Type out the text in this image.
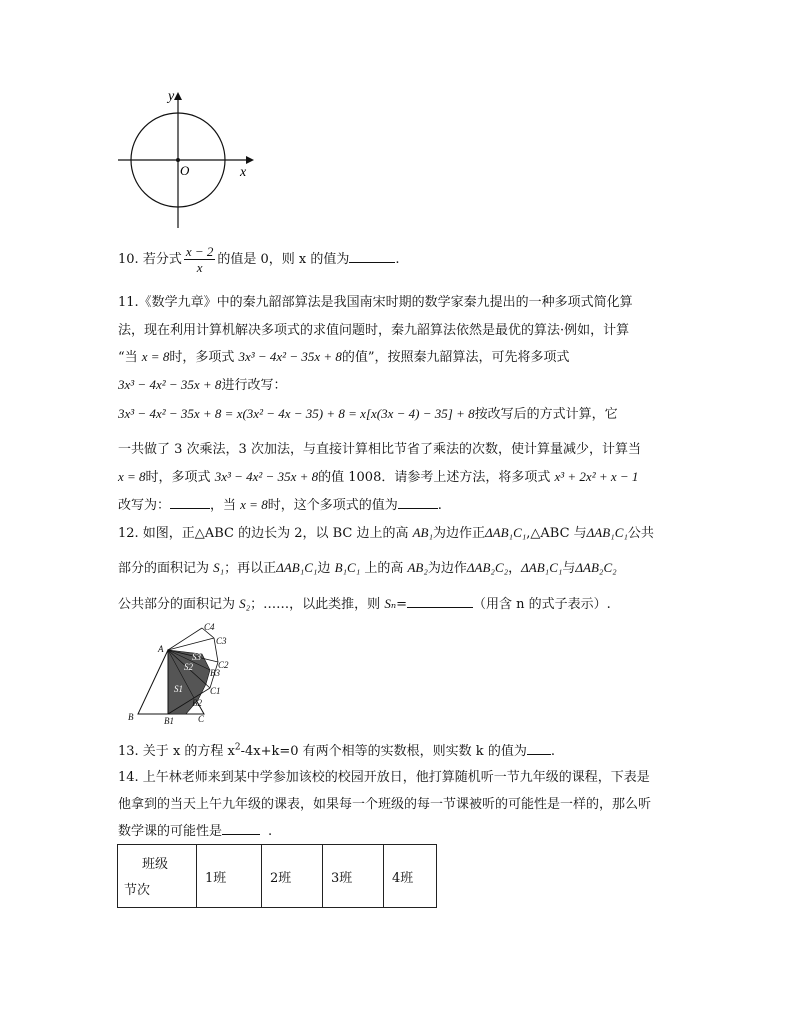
x
y
O
10. 若分式 $\frac{x - 2}{x}$ 的值是 0，则 x 的值为	.
11.《数学九章》中的秦九韶部算法是我国南宋时期的数学家秦九提出的一种多项式简化算
法，现在利用计算机解决多项式的求值问题时，秦九韶算法依然是最优的算法·例如，计算
“当 x = 8时，多项式 3x³ − 4x² − 35x + 8的值”，按照秦九韶算法，可先将多项式
3x³ − 4x² − 35x + 8进行改写：
3x³ − 4x² − 35x + 8 = x(3x² − 4x − 35) + 8 = x[x(3x − 4) − 35] + 8按改写后的方式计算，它
一共做了 3 次乘法，3 次加法，与直接计算相比节省了乘法的次数，使计算量减少，计算当
x = 8时，多项式 3x³ − 4x² − 35x + 8的值 1008．请参考上述方法，将多项式 x³ + 2x² + x − 1
改写为：	，当 x = 8时，这个多项式的值为	.
12. 如图，正△ABC 的边长为 2，以 BC 边上的高 AB₁为边作正ΔAB₁C₁,△ABC 与ΔAB₁C₁公共
部分的面积记为 S₁；再以正ΔAB₁C₁边 B₁C₁ 上的高 AB₂为边作ΔAB₂C₂，ΔAB₁C₁与ΔAB₂C₂
公共部分的面积记为 S₂；……，以此类推，则 Sₙ=	（用含 n 的式子表示）.
A
B	B1	C
B2
C1
B3
C2
C3
C4
S1
S2
S3
13. 关于 x 的方程 $x^2-4x+k=0$ 有两个相等的实数根，则实数 k 的值为 .
14. 上午林老师来到某中学参加该校的校园开放日，他打算随机听一节九年级的课程，下表是
他拿到的当天上午九年级的课表，如果每一个班级的每一节课被听的可能性是一样的，那么听
数学课的可能性是	.
班级
节次
	1班	2班	3班	4班
